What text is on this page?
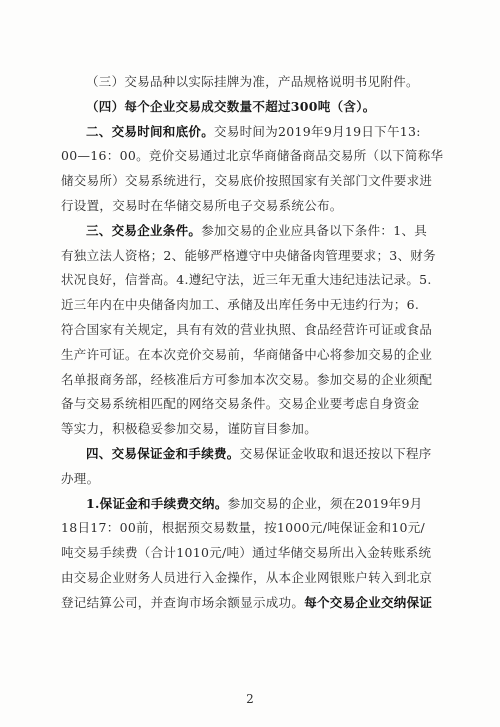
（三）交易品种以实际挂牌为准，产品规格说明书见附件。
（四）每个企业交易成交数量不超过300吨（含）。
二、交易时间和底价。交易时间为2019年9月19日下午13:
00—16：00。竞价交易通过北京华商储备商品交易所（以下简称华
储交易所）交易系统进行，交易底价按照国家有关部门文件要求进
行设置，交易时在华储交易所电子交易系统公布。
三、交易企业条件。参加交易的企业应具备以下条件：1、具
有独立法人资格；2、能够严格遵守中央储备肉管理要求；3、财务
状况良好，信誉高。4.遵纪守法，近三年无重大违纪违法记录。5.
近三年内在中央储备肉加工、承储及出库任务中无违约行为；6.
符合国家有关规定，具有有效的营业执照、食品经营许可证或食品
生产许可证。在本次竞价交易前，华商储备中心将参加交易的企业
名单报商务部，经核准后方可参加本次交易。参加交易的企业须配
备与交易系统相匹配的网络交易条件。交易企业要考虑自身资金
等实力，积极稳妥参加交易，谨防盲目参加。
四、交易保证金和手续费。交易保证金收取和退还按以下程序
办理。
1.保证金和手续费交纳。参加交易的企业，须在2019年9月
18日17：00前，根据预交易数量，按1000元/吨保证金和10元/
吨交易手续费（合计1010元/吨）通过华储交易所出入金转账系统
由交易企业财务人员进行入金操作，从本企业网银账户转入到北京
登记结算公司，并查询市场余额显示成功。每个交易企业交纳保证
2
